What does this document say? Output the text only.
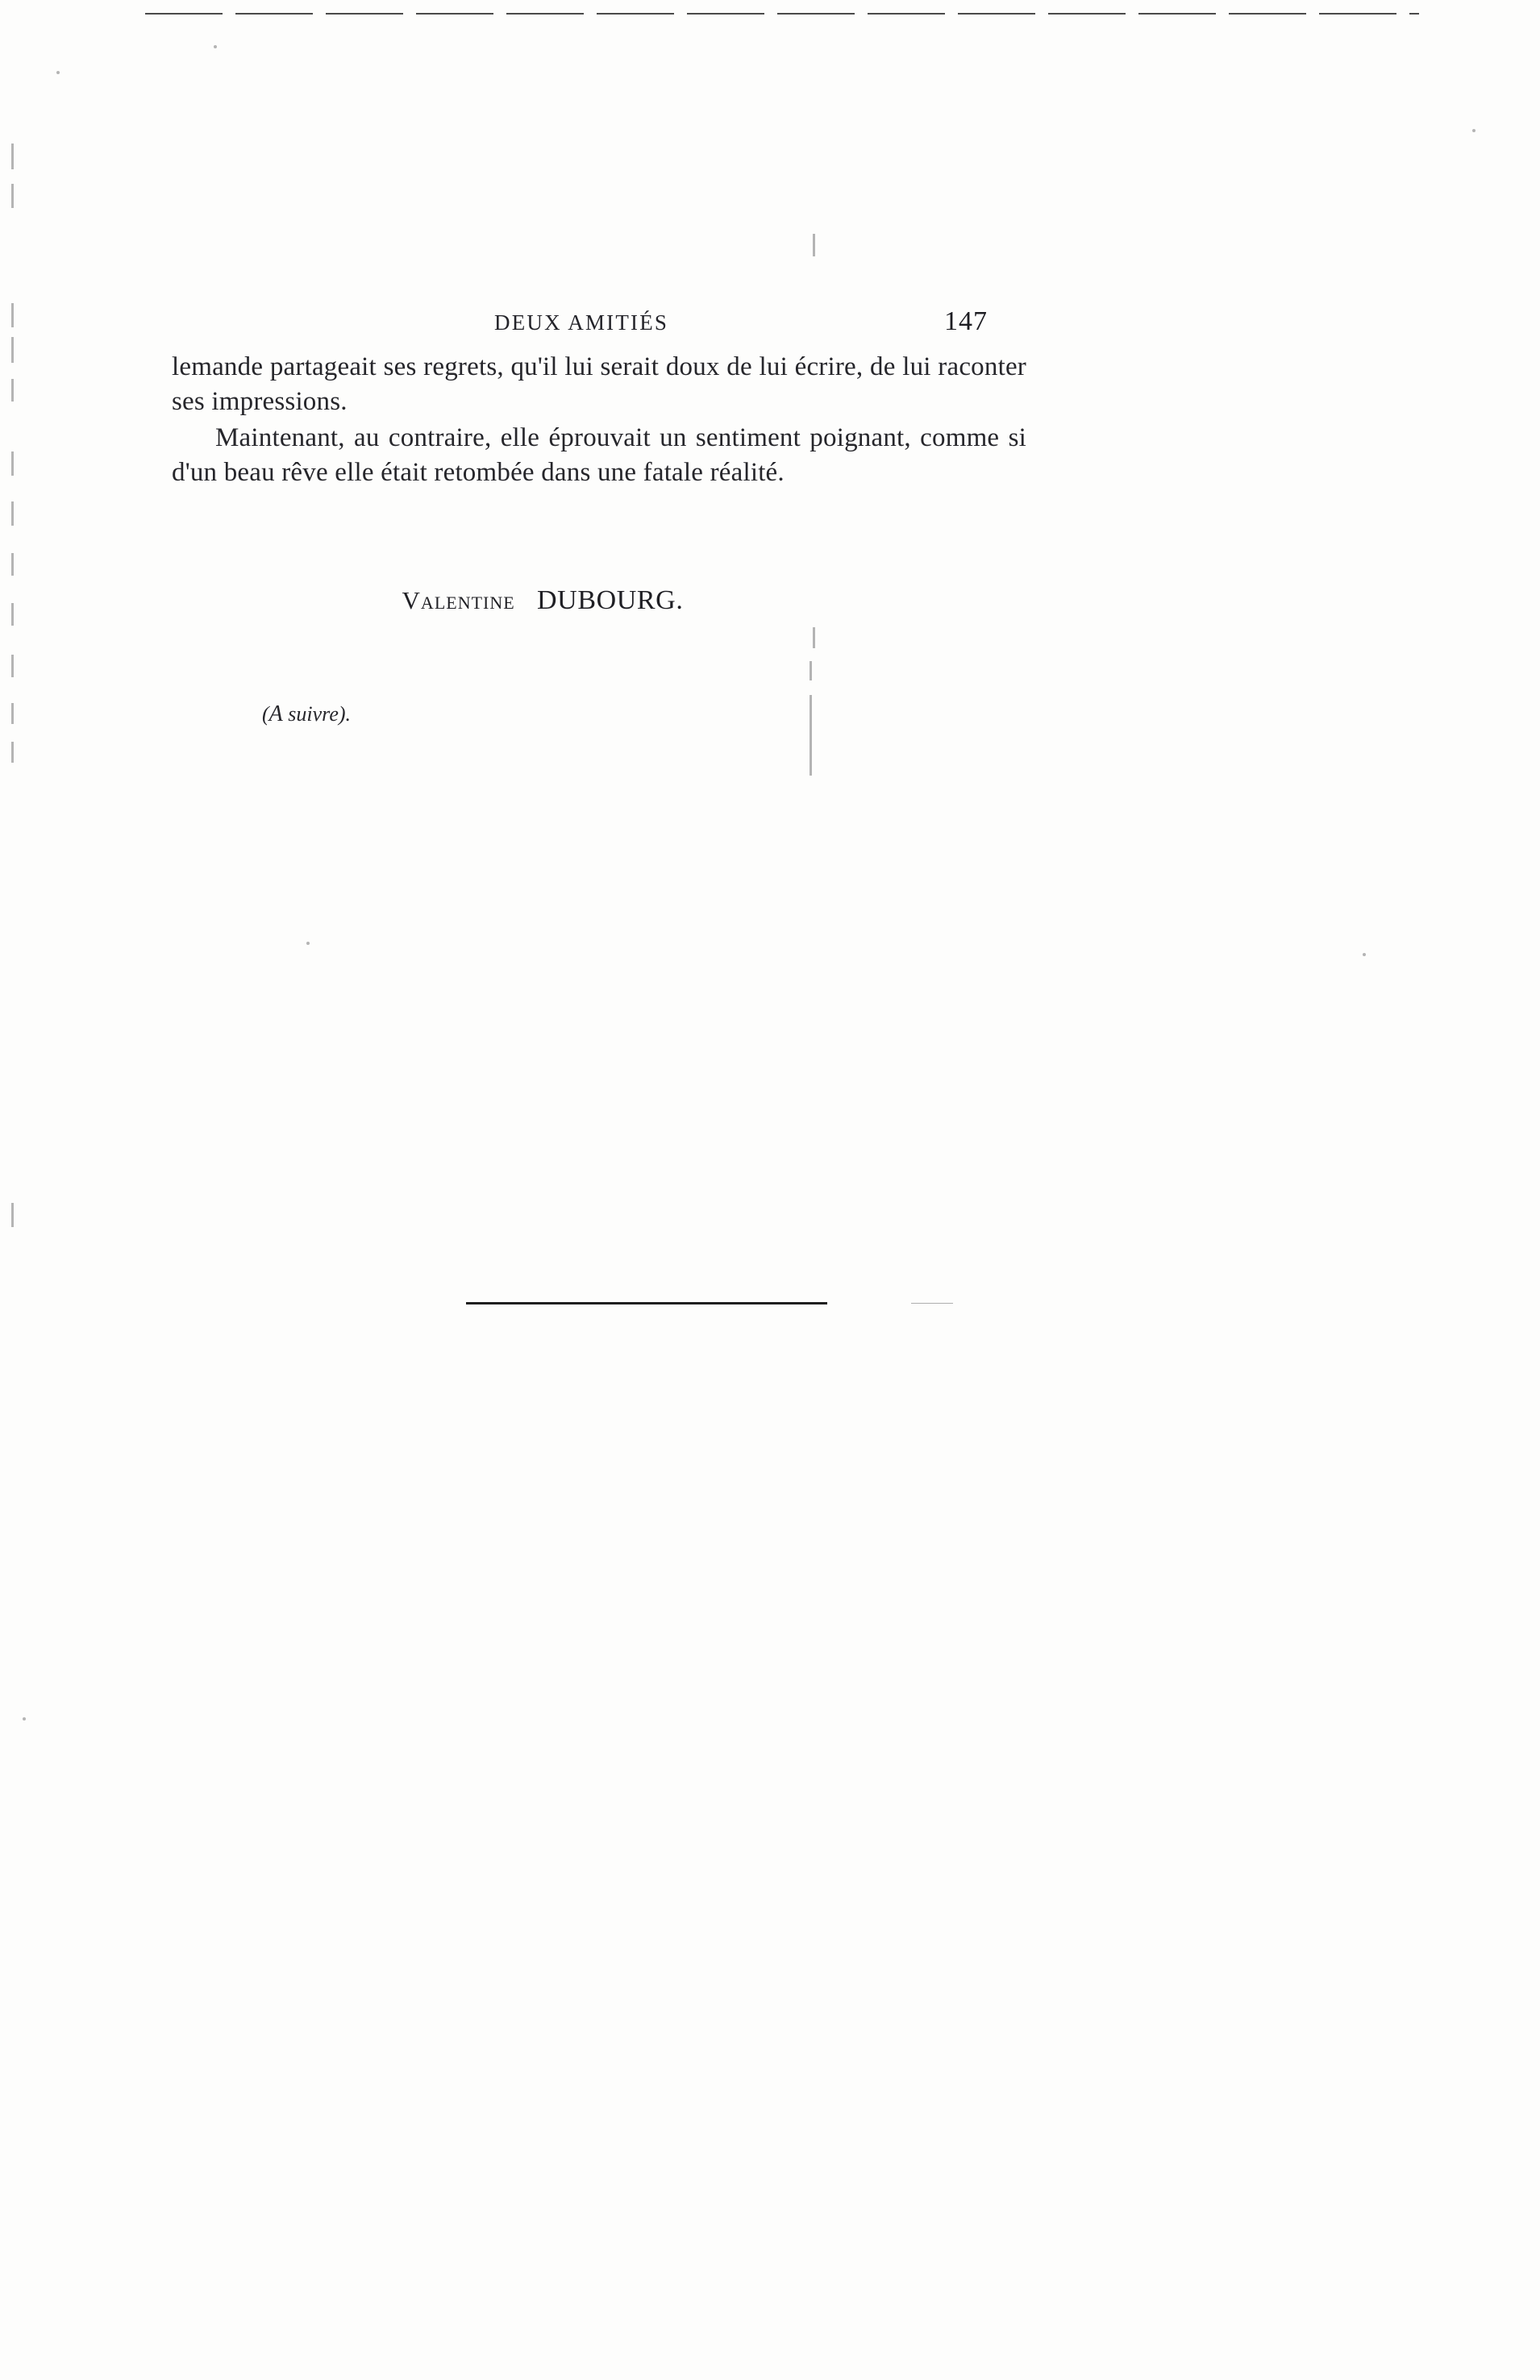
DEUX AMITIÉS	147

lemande partageait ses regrets, qu'il lui serait doux de lui écrire, de lui raconter ses impressions.

Maintenant, au contraire, elle éprouvait un sentiment poignant, comme si d'un beau rêve elle était retombée dans une fatale réalité.

Valentine DUBOURG.
(A suivre).
